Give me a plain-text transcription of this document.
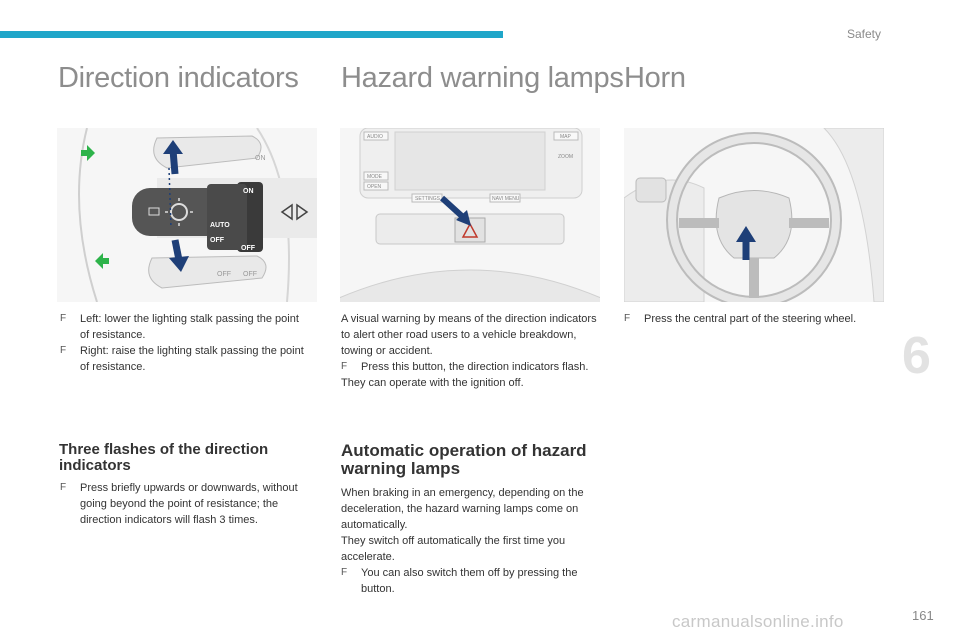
Safety
Direction indicators
ON
AUTO
OFF
OFF
ON
OFF OFF
F Left: lower the lighting stalk passing the point of resistance.
F Right: raise the lighting stalk passing the point of resistance.
Three flashes of the direction indicators
F Press briefly upwards or downwards, without going beyond the point of resistance; the direction indicators will flash 3 times.
Hazard warning lamps
AUDIO
MODE
OPEN
MAP
ZOOM
SETTINGS	NAVI MENU

A visual warning by means of the direction indicators to alert other road users to a vehicle breakdown, towing or accident.

F Press this button, the direction indicators flash.

They can operate with the ignition off.

Automatic operation of hazard warning lamps

When braking in an emergency, depending on the deceleration, the hazard warning lamps come on automatically.

They switch off automatically the first time you accelerate.

F You can also switch them off by pressing the button.
Horn
F Press the central part of the steering wheel.
6
carmanualsonline.info	161
